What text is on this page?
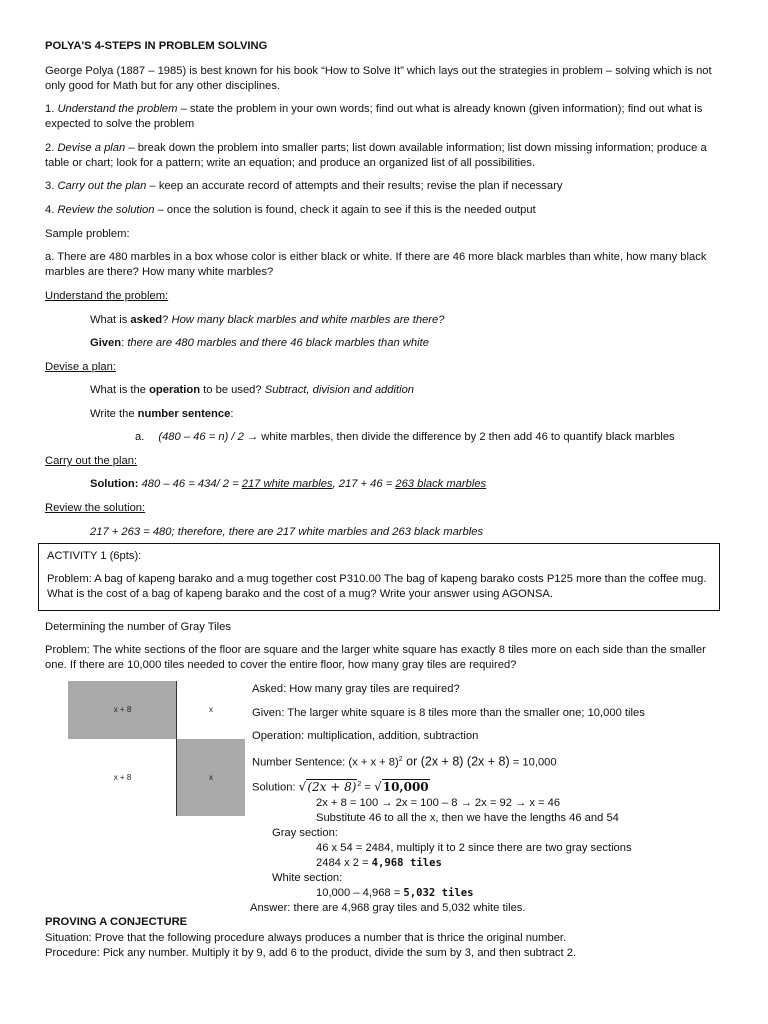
POLYA'S 4-STEPS IN PROBLEM SOLVING
George Polya (1887 – 1985) is best known for his book “How to Solve It” which lays out the strategies in problem – solving which is not only good for Math but for any other disciplines.
1. Understand the problem – state the problem in your own words; find out what is already known (given information); find out what is expected to solve the problem
2. Devise a plan – break down the problem into smaller parts; list down available information; list down missing information; produce a table or chart; look for a pattern; write an equation; and produce an organized list of all possibilities.
3. Carry out the plan – keep an accurate record of attempts and their results; revise the plan if necessary
4. Review the solution – once the solution is found, check it again to see if this is the needed output
Sample problem:
a. There are 480 marbles in a box whose color is either black or white. If there are 46 more black marbles than white, how many black marbles are there? How many white marbles?
Understand the problem:
What is asked? How many black marbles and white marbles are there?
Given: there are 480 marbles and there 46 black marbles than white
Devise a plan:
What is the operation to be used? Subtract, division and addition
Write the number sentence:
a. (480 – 46 = n) / 2 → white marbles, then divide the difference by 2 then add 46 to quantify black marbles
Carry out the plan:
Solution: 480 – 46 = 434/ 2 = 217 white marbles, 217 + 46 = 263 black marbles
Review the solution:
217 + 263 = 480; therefore, there are 217 white marbles and 263 black marbles
ACTIVITY 1 (6pts):
Problem: A bag of kapeng barako and a mug together cost P310.00 The bag of kapeng barako costs P125 more than the coffee mug. What is the cost of a bag of kapeng barako and the cost of a mug? Write your answer using AGONSA.
Determining the number of Gray Tiles
Problem: The white sections of the floor are square and the larger white square has exactly 8 tiles more on each side than the smaller one. If there are 10,000 tiles needed to cover the entire floor, how many gray tiles are required?
x + 8	x
x + 8	x
Asked: How many gray tiles are required?
Given: The larger white square is 8 tiles more than the smaller one; 10,000 tiles
Operation: multiplication, addition, subtraction
Number Sentence: $(x + x + 8)^2$ or (2x + 8) (2x + 8) = 10,000
Solution: $√(2x + 8)^2 = √10,000$
2x + 8 = 100 → 2x = 100 – 8 → 2x = 92 → x = 46
Substitute 46 to all the x, then we have the lengths 46 and 54
Gray section:
46 x 54 = 2484, multiply it to 2 since there are two gray sections
2484 x 2 = 4,968 tiles
White section:
10,000 – 4,968 = 5,032 tiles
Answer: there are 4,968 gray tiles and 5,032 white tiles.
PROVING A CONJECTURE
Situation: Prove that the following procedure always produces a number that is thrice the original number.
Procedure: Pick any number. Multiply it by 9, add 6 to the product, divide the sum by 3, and then subtract 2.
